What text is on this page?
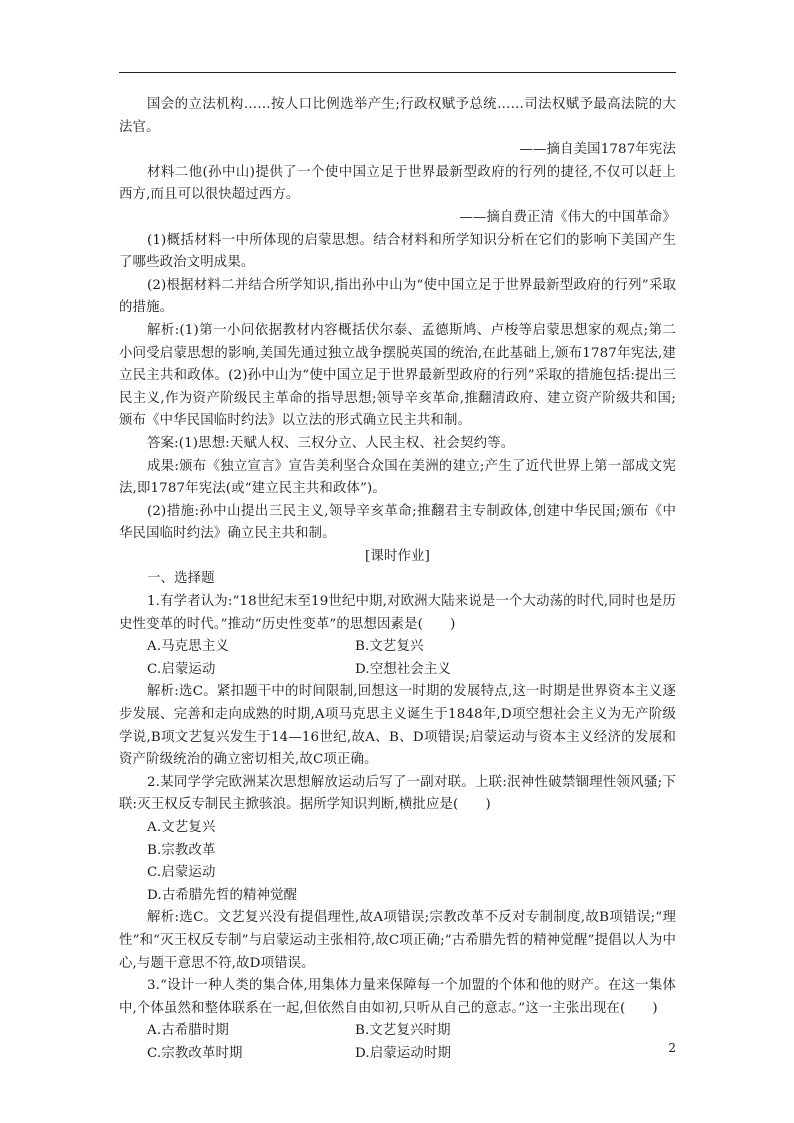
国会的立法机构……按人口比例选举产生;行政权赋予总统……司法权赋予最高法院的大法官。

——摘自美国1787年宪法

材料二他(孙中山)提供了一个使中国立足于世界最新型政府的行列的捷径,不仅可以赶上西方,而且可以很快超过西方。

——摘自费正清《伟大的中国革命》

(1)概括材料一中所体现的启蒙思想。结合材料和所学知识分析在它们的影响下美国产生了哪些政治文明成果。

(2)根据材料二并结合所学知识,指出孙中山为“使中国立足于世界最新型政府的行列”采取的措施。

解析:(1)第一小问依据教材内容概括伏尔泰、孟德斯鸠、卢梭等启蒙思想家的观点;第二小问受启蒙思想的影响,美国先通过独立战争摆脱英国的统治,在此基础上,颁布1787年宪法,建立民主共和政体。(2)孙中山为“使中国立足于世界最新型政府的行列”采取的措施包括:提出三民主义,作为资产阶级民主革命的指导思想;领导辛亥革命,推翻清政府、建立资产阶级共和国;颁布《中华民国临时约法》以立法的形式确立民主共和制。

答案:(1)思想:天赋人权、三权分立、人民主权、社会契约等。

成果:颁布《独立宣言》宣告美利坚合众国在美洲的建立;产生了近代世界上第一部成文宪法,即1787年宪法(或“建立民主共和政体”)。

(2)措施:孙中山提出三民主义,领导辛亥革命;推翻君主专制政体,创建中华民国;颁布《中华民国临时约法》确立民主共和制。

[课时作业]

一、选择题

1.有学者认为:“18世纪末至19世纪中期,对欧洲大陆来说是一个大动荡的时代,同时也是历史性变革的时代。”推动“历史性变革”的思想因素是(　　)

A.马克思主义	B.文艺复兴
C.启蒙运动	D.空想社会主义

解析:选C。紧扣题干中的时间限制,回想这一时期的发展特点,这一时期是世界资本主义逐步发展、完善和走向成熟的时期,A项马克思主义诞生于1848年,D项空想社会主义为无产阶级学说,B项文艺复兴发生于14—16世纪,故A、B、D项错误;启蒙运动与资本主义经济的发展和资产阶级统治的确立密切相关,故C项正确。

2.某同学学完欧洲某次思想解放运动后写了一副对联。上联:泯神性破禁锢理性领风骚;下联:灭王权反专制民主掀骇浪。据所学知识判断,横批应是(　　)

A.文艺复兴

B.宗教改革

C.启蒙运动

D.古希腊先哲的精神觉醒

解析:选C。文艺复兴没有提倡理性,故A项错误;宗教改革不反对专制制度,故B项错误;“理性”和“灭王权反专制”与启蒙运动主张相符,故C项正确;“古希腊先哲的精神觉醒”提倡以人为中心,与题干意思不符,故D项错误。

3.“设计一种人类的集合体,用集体力量来保障每一个加盟的个体和他的财产。在这一集体中,个体虽然和整体联系在一起,但依然自由如初,只听从自己的意志。”这一主张出现在(　　)

A.古希腊时期	B.文艺复兴时期
C.宗教改革时期	D.启蒙运动时期	2
